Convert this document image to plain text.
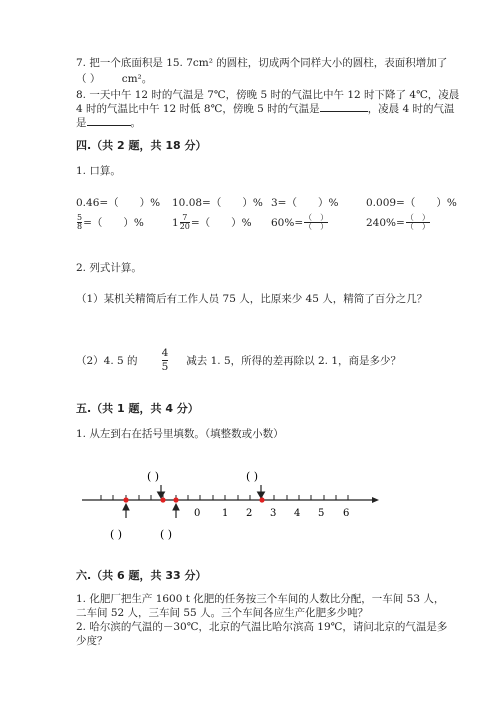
7. 把一个底面积是 15. 7cm² 的圆柱，切成两个同样大小的圆柱，表面积增加了
（ ） cm²。
8. 一天中午 12 时的气温是 7℃，傍晚 5 时的气温比中午 12 时下降了 4℃，凌晨
4 时的气温比中午 12 时低 8℃，傍晚 5 时的气温是	，凌晨 4 时的气温
是	。
四.（共 2 题，共 18 分）
1. 口算。
0.46=（　　）% 10.08=（　　）% 3=（　　）%	0.009=（　　）%
$\frac{5}{8}$ =（　　）%	$1 \frac{7}{20}$ =（　　）% $60\%= \frac{( )}{( )}$	$240\%= \frac{( )}{( )}$
2. 列式计算。
（1）某机关精简后有工作人员 75 人，比原来少 45 人，精简了百分之几？
（2）4. 5 的 $\frac{4}{5}$ 减去 1. 5，所得的差再除以 2. 1，商是多少？
五.（共 1 题，共 4 分）
1. 从左到右在括号里填数。（填整数或小数）
( )	( )
0 1 2 3 4 5 6
( )	( )
六.（共 6 题，共 33 分）
1. 化肥厂把生产 1600 t 化肥的任务按三个车间的人数比分配，一车间 53 人，
二车间 52 人，三车间 55 人。三个车间各应生产化肥多少吨？
2. 哈尔滨的气温的－30℃，北京的气温比哈尔滨高 19℃，请问北京的气温是多
少度？
